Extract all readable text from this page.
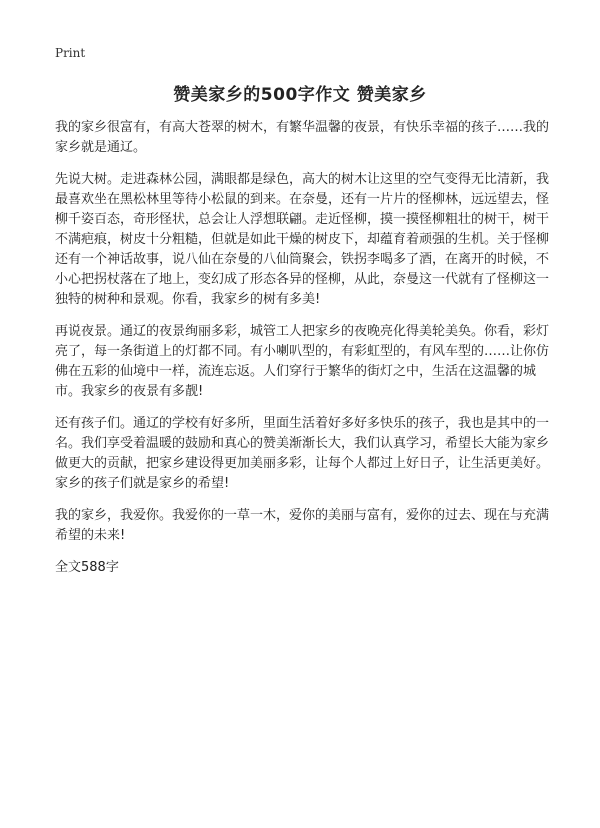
Print
赞美家乡的500字作文 赞美家乡

我的家乡很富有，有高大苍翠的树木，有繁华温馨的夜景，有快乐幸福的孩子……我的家乡就是通辽。

先说大树。走进森林公园，满眼都是绿色，高大的树木让这里的空气变得无比清新，我最喜欢坐在黑松林里等待小松鼠的到来。在奈曼，还有一片片的怪柳林，远远望去，怪柳千姿百态，奇形怪状，总会让人浮想联翩。走近怪柳，摸一摸怪柳粗壮的树干，树干不满疤痕，树皮十分粗糙，但就是如此干燥的树皮下，却蕴育着顽强的生机。关于怪柳还有一个神话故事，说八仙在奈曼的八仙筒聚会，铁拐李喝多了酒，在离开的时候，不小心把拐杖落在了地上，变幻成了形态各异的怪柳，从此，奈曼这一代就有了怪柳这一独特的树种和景观。你看，我家乡的树有多美!

再说夜景。通辽的夜景绚丽多彩，城管工人把家乡的夜晚亮化得美轮美奂。你看，彩灯亮了，每一条街道上的灯都不同。有小喇叭型的，有彩虹型的，有风车型的……让你仿佛在五彩的仙境中一样，流连忘返。人们穿行于繁华的街灯之中，生活在这温馨的城市。我家乡的夜景有多靓!

还有孩子们。通辽的学校有好多所，里面生活着好多好多快乐的孩子，我也是其中的一名。我们享受着温暖的鼓励和真心的赞美渐渐长大，我们认真学习，希望长大能为家乡做更大的贡献，把家乡建设得更加美丽多彩，让每个人都过上好日子，让生活更美好。家乡的孩子们就是家乡的希望!

我的家乡，我爱你。我爱你的一草一木，爱你的美丽与富有，爱你的过去、现在与充满希望的未来!

全文588字
